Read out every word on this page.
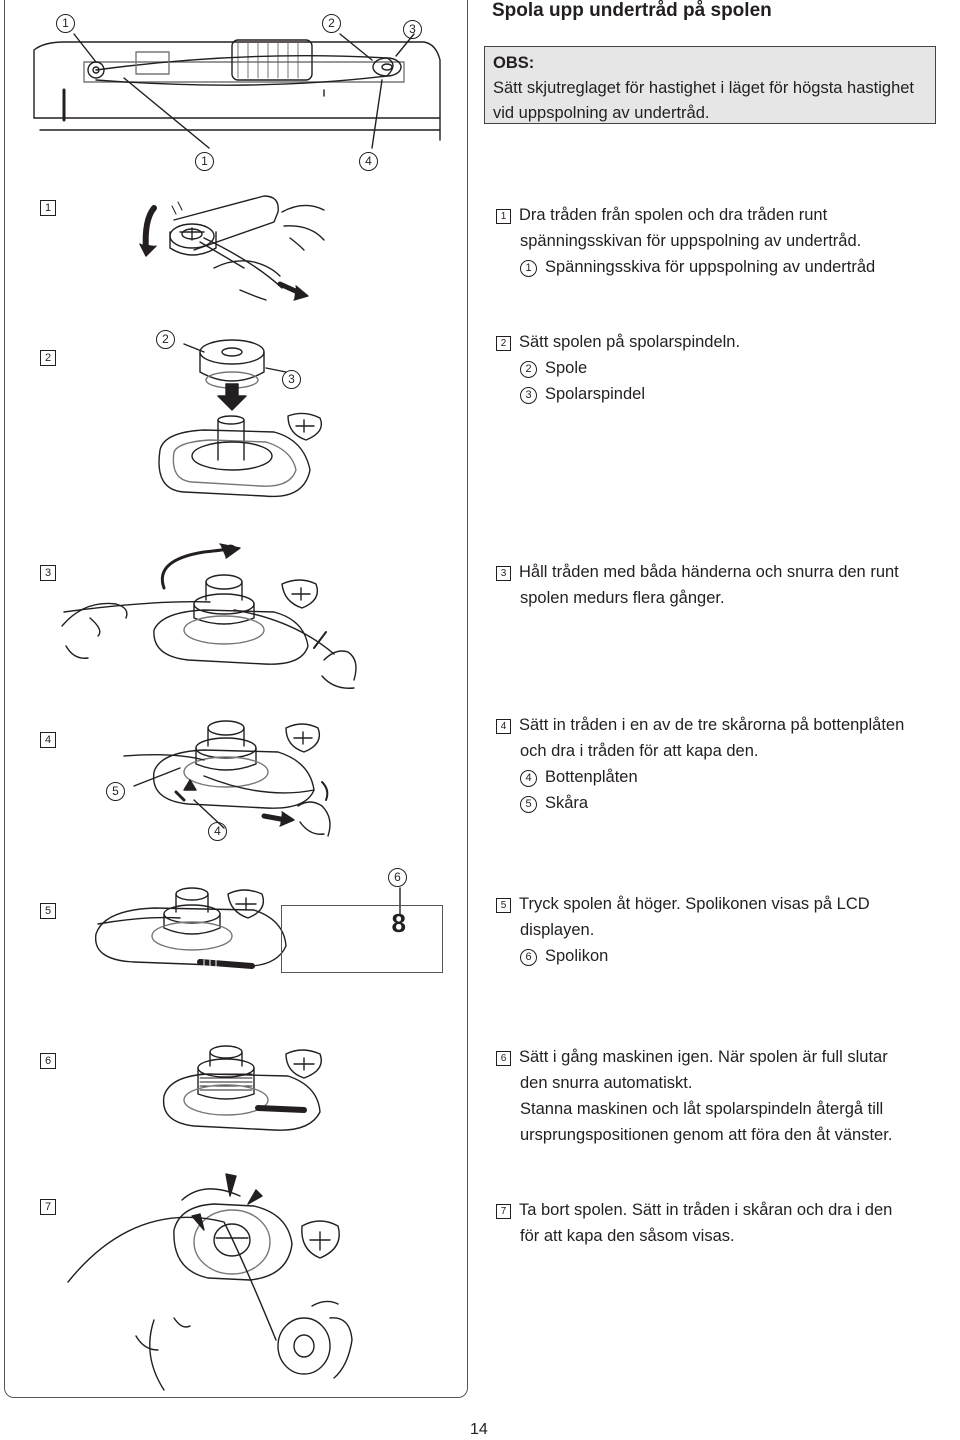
1	2	3
1	4
1
2
3
4
5
6
7
2
3
5
4
6
8
Spola upp undertråd på spolen
OBS:
Sätt skjutreglaget för hastighet i läget för högsta hastighet vid uppspolning av undertråd.
1 Dra tråden från spolen och dra tråden runt
spänningsskivan för uppspolning av undertråd.
1 Spänningsskiva för uppspolning av undertråd
2 Sätt spolen på spolarspindeln.
2 Spole
3 Spolarspindel
3 Håll tråden med båda händerna och snurra den runt
spolen medurs flera gånger.
4 Sätt in tråden i en av de tre skårorna på bottenplåten
och dra i tråden för att kapa den.
4 Bottenplåten
5 Skåra
5 Tryck spolen åt höger. Spolikonen visas på LCD
displayen.
6 Spolikon
6 Sätt i gång maskinen igen. När spolen är full slutar
den snurra automatiskt.
Stanna maskinen och låt spolarspindeln återgå till
ursprungspositionen genom att föra den åt vänster.
7 Ta bort spolen. Sätt in tråden i skåran och dra i den
för att kapa den såsom visas.
14
